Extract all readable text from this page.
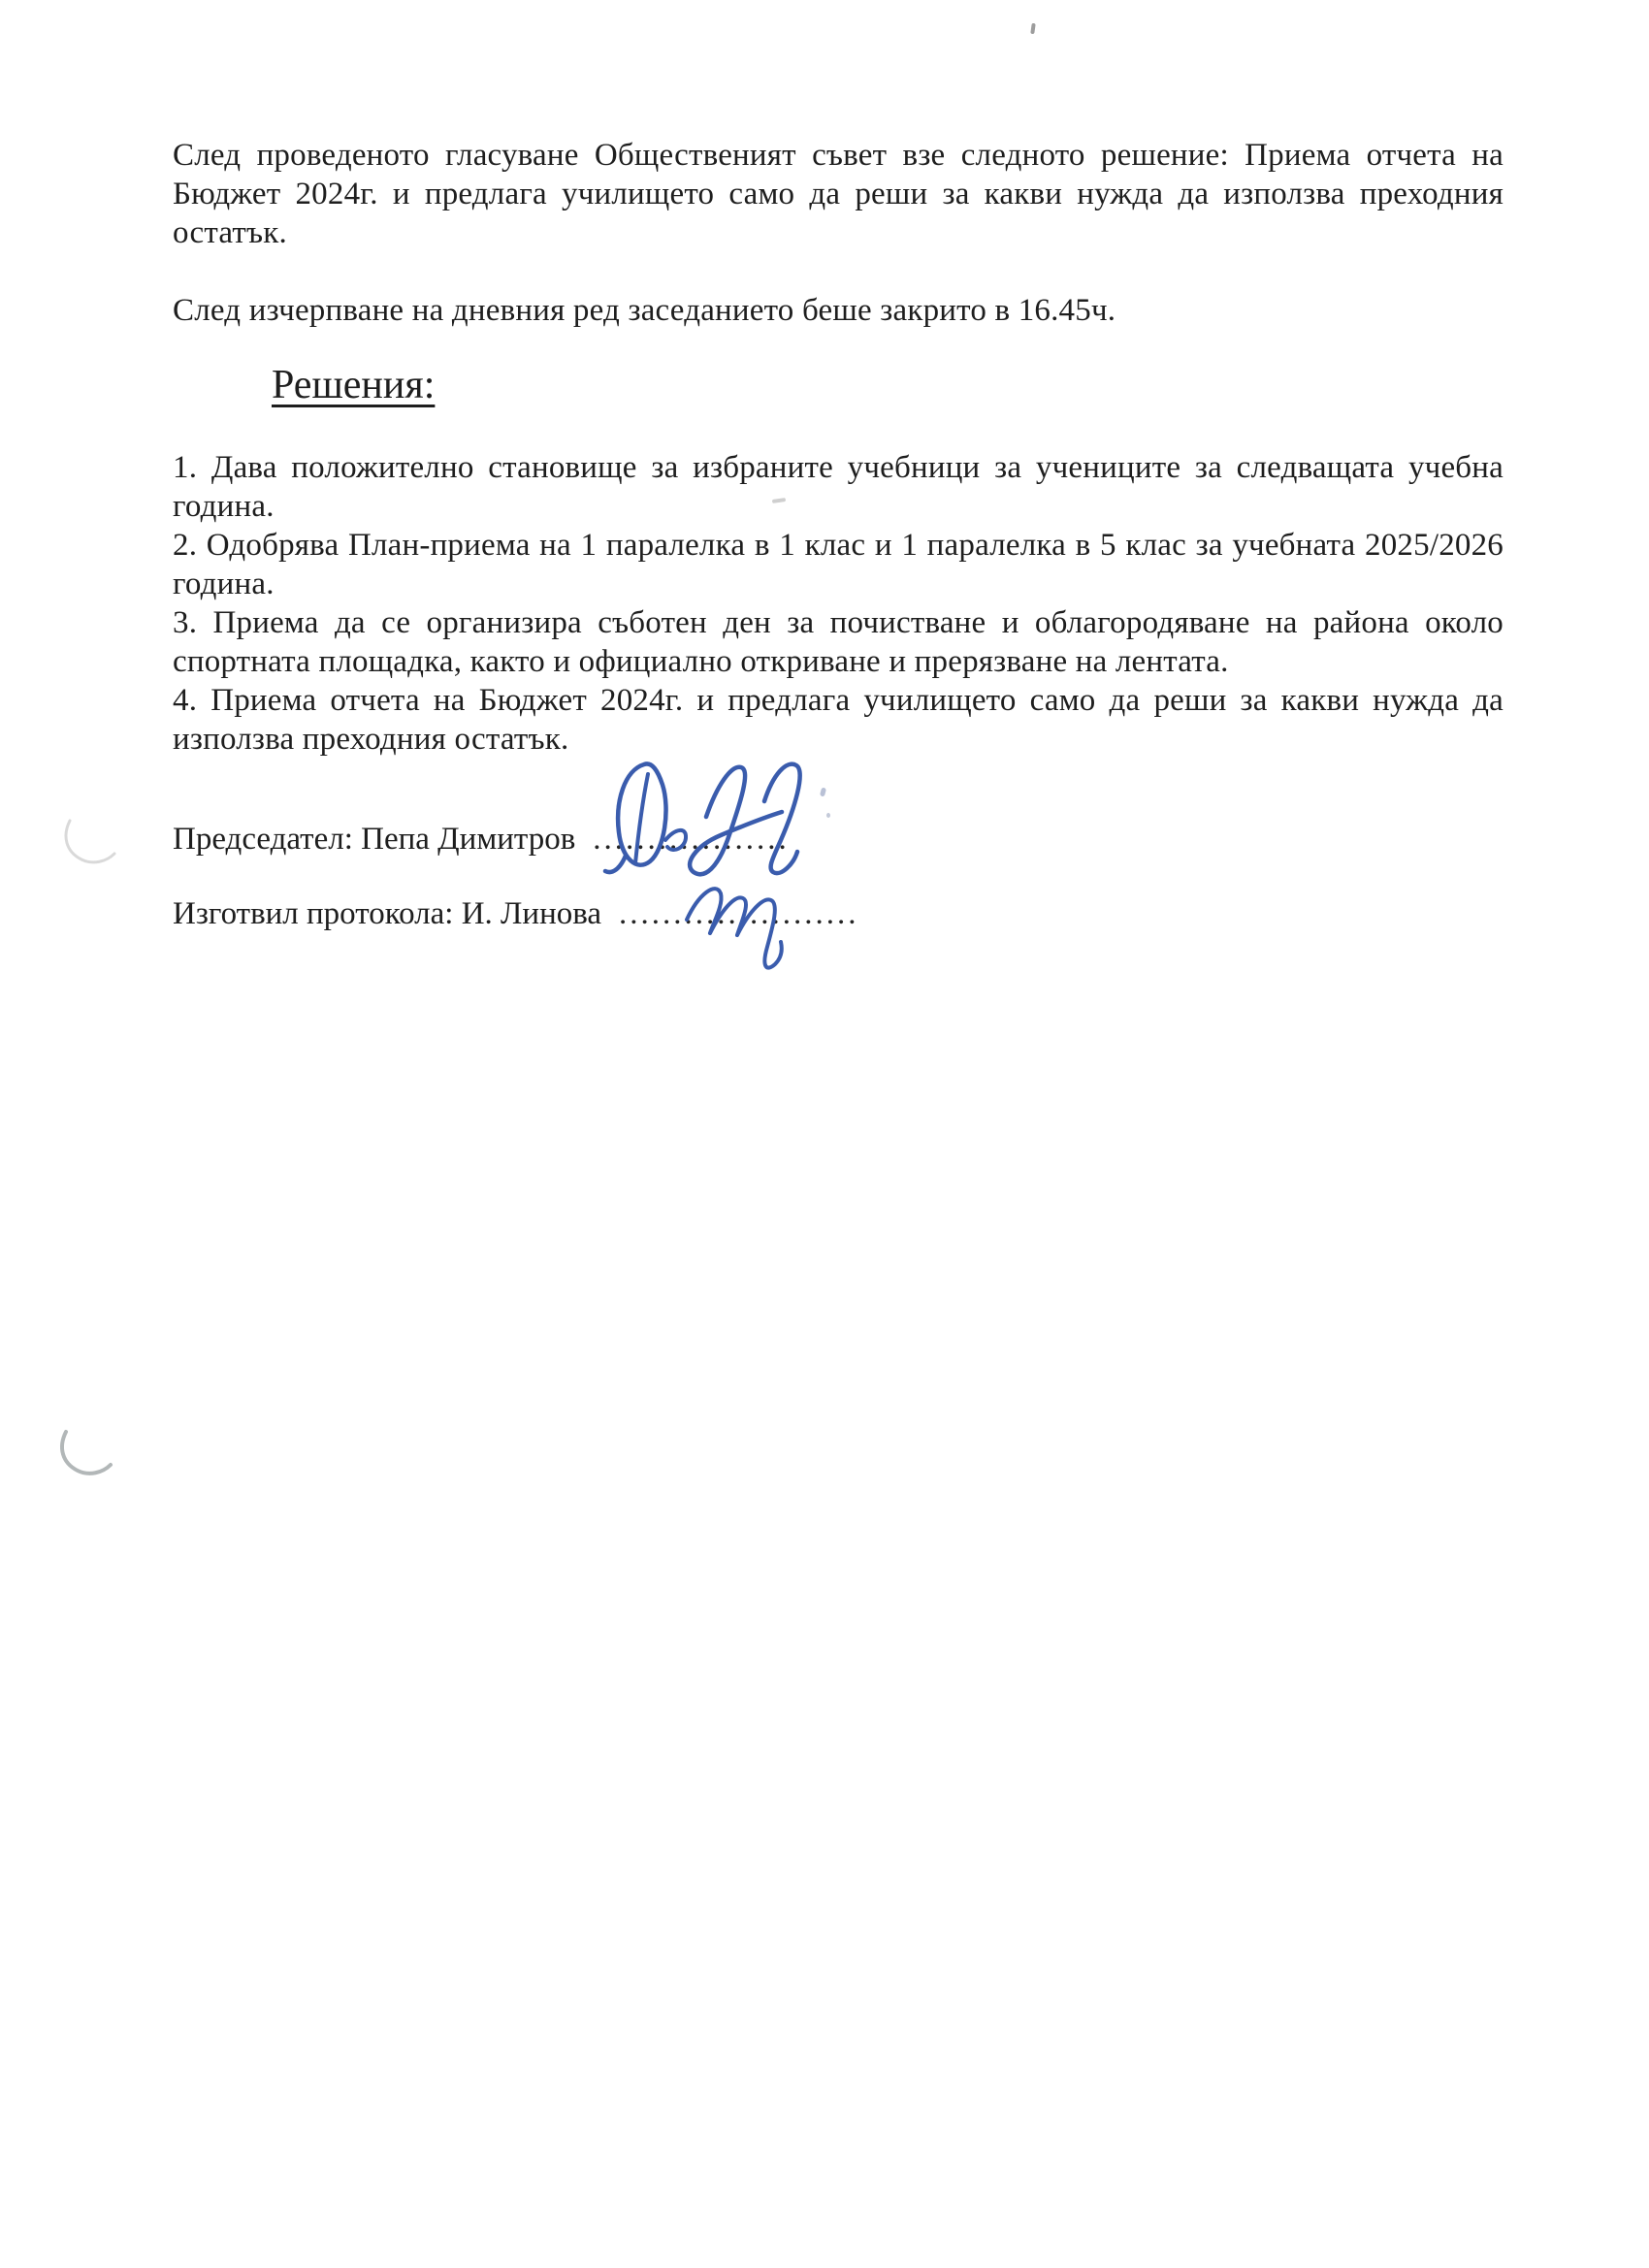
След проведеното гласуване Общественият съвет взе следното решение: Приема отчета на Бюджет 2024г. и предлага училището само да реши за какви нужда да използва преходния остатък.

След изчерпване на дневния ред заседанието беше закрито в 16.45ч.

Решения:

1. Дава положително становище за избраните учебници за учениците за следващата учебна година.

2. Одобрява План-приема на 1 паралелка в 1 клас и 1 паралелка в 5 клас за учебната 2025/2026 година.

3. Приема да се организира съботен ден за почистване и облагородяване на района около спортната площадка, както и официално откриване и прерязване на лентата.

4. Приема отчета на Бюджет 2024г. и предлага училището само да реши за какви нужда да използва преходния остатък.

Председател: Пепа Димитров ..................
Изготвил протокола: И. Линова ......................
